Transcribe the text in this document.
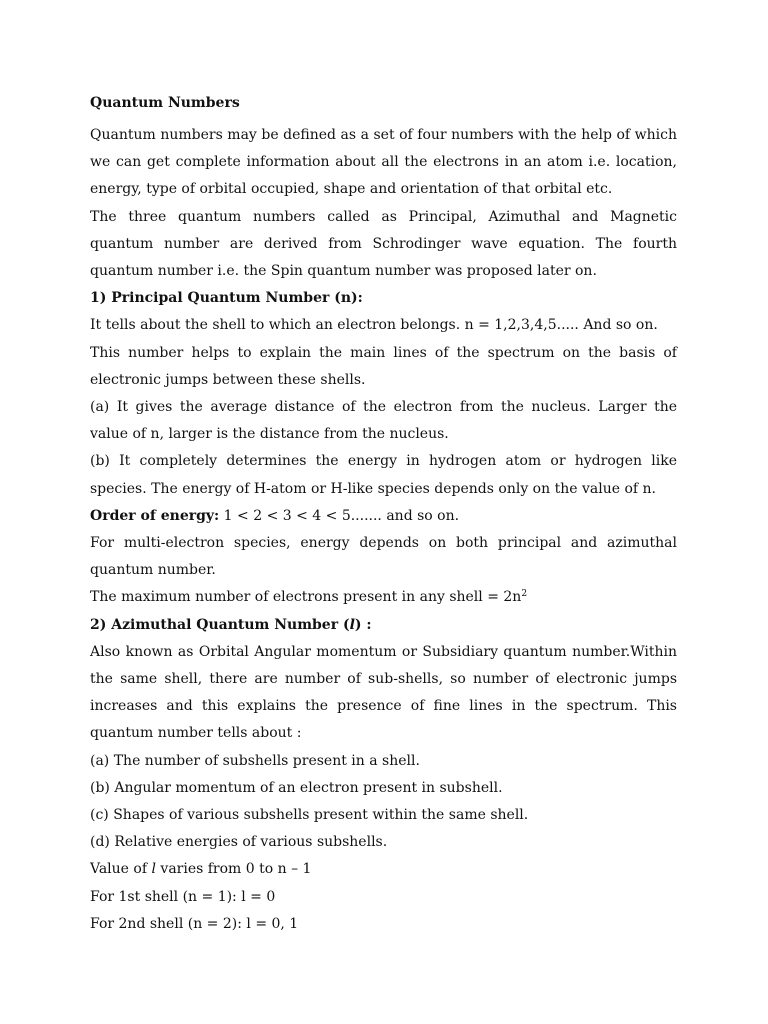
Quantum Numbers
Quantum numbers may be defined as a set of four numbers with the help of which we can get complete information about all the electrons in an atom i.e. location, energy, type of orbital occupied, shape and orientation of that orbital etc.
The three quantum numbers called as Principal, Azimuthal and Magnetic quantum number are derived from Schrodinger wave equation. The fourth quantum number i.e. the Spin quantum number was proposed later on.
1) Principal Quantum Number (n):
It tells about the shell to which an electron belongs. n = 1,2,3,4,5..... And so on.
This number helps to explain the main lines of the spectrum on the basis of electronic jumps between these shells.
(a) It gives the average distance of the electron from the nucleus. Larger the value of n, larger is the distance from the nucleus.
(b) It completely determines the energy in hydrogen atom or hydrogen like species. The energy of H-atom or H-like species depends only on the value of n.
Order of energy: 1 < 2 < 3 < 4 < 5....... and so on.
For multi-electron species, energy depends on both principal and azimuthal quantum number.
The maximum number of electrons present in any shell = $2n^2$
2) Azimuthal Quantum Number (l) :
Also known as Orbital Angular momentum or Subsidiary quantum number.Within the same shell, there are number of sub-shells, so number of electronic jumps increases and this explains the presence of fine lines in the spectrum. This quantum number tells about :
(a) The number of subshells present in a shell.
(b) Angular momentum of an electron present in subshell.
(c) Shapes of various subshells present within the same shell.
(d) Relative energies of various subshells.
Value of l varies from 0 to n – 1
For 1st shell (n = 1): l = 0
For 2nd shell (n = 2): l = 0, 1
